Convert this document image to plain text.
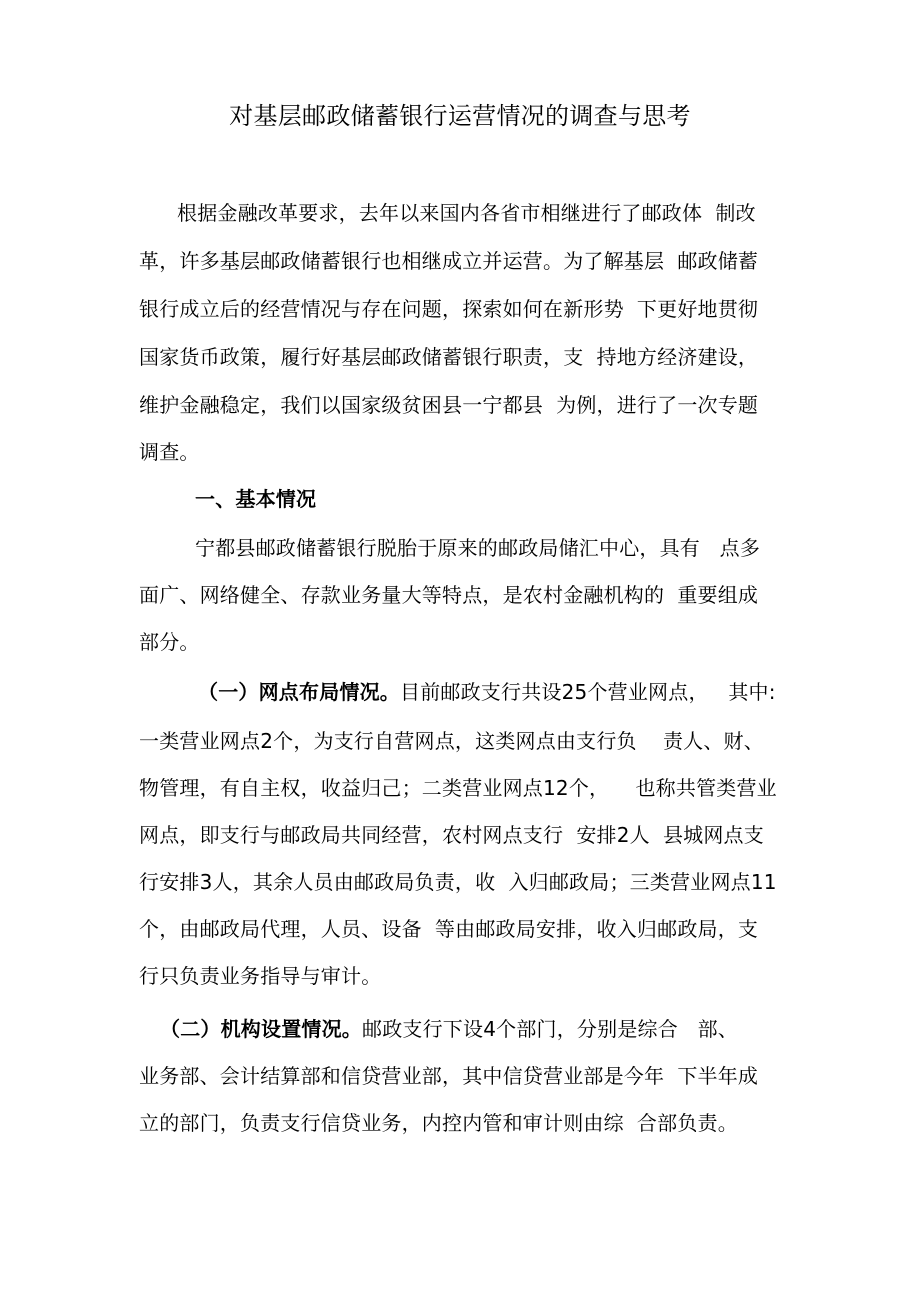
对基层邮政储蓄银行运营情况的调查与思考
根据金融改革要求，去年以来国内各省市相继进行了邮政体  制改
革，许多基层邮政储蓄银行也相继成立并运营。为了解基层  邮政储蓄
银行成立后的经营情况与存在问题，探索如何在新形势  下更好地贯彻
国家货币政策，履行好基层邮政储蓄银行职责，支  持地方经济建设，
维护金融稳定，我们以国家级贫困县一宁都县  为例，进行了一次专题
调查。
一、基本情况
宁都县邮政储蓄银行脱胎于原来的邮政局储汇中心，具有   点多
面广、网络健全、存款业务量大等特点，是农村金融机构的  重要组成
部分。
（一）网点布局情况。目前邮政支行共设25个营业网点，   其中:
一类营业网点2个，为支行自营网点，这类网点由支行负    责人、财、
物管理，有自主权，收益归己；二类营业网点12个，    也称共管类营业
网点，即支行与邮政局共同经营，农村网点支行  安排2人  县城网点支
行安排3人，其余人员由邮政局负责，收  入归邮政局；三类营业网点11
个，由邮政局代理，人员、设备  等由邮政局安排，收入归邮政局，支
行只负责业务指导与审计。
（二）机构设置情况。邮政支行下设4个部门，分别是综合   部、
业务部、会计结算部和信贷营业部，其中信贷营业部是今年  下半年成
立的部门，负责支行信贷业务，内控内管和审计则由综  合部负责。
